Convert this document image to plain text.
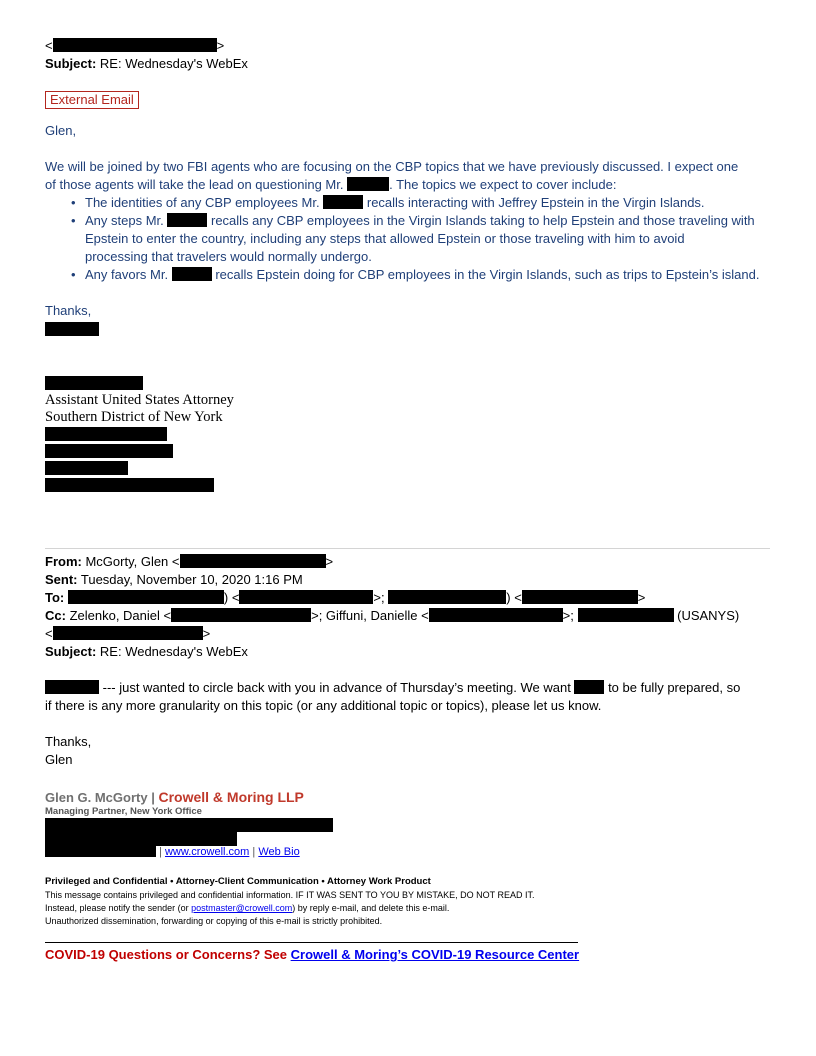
<	>
Subject: RE: Wednesday's WebEx
External Email
Glen,
We will be joined by two FBI agents who are focusing on the CBP topics that we have previously discussed. I expect one
of those agents will take the lead on questioning Mr.	. The topics we expect to cover include:
• The identities of any CBP employees Mr.	recalls interacting with Jeffrey Epstein in the Virgin Islands.
• Any steps Mr.	recalls any CBP employees in the Virgin Islands taking to help Epstein and those traveling with
Epstein to enter the country, including any steps that allowed Epstein or those traveling with him to avoid
processing that travelers would normally undergo.
• Any favors Mr.	recalls Epstein doing for CBP employees in the Virgin Islands, such as trips to Epstein’s island.
Thanks,
Assistant United States Attorney
Southern District of New York
From: McGorty, Glen <	>
Sent: Tuesday, November 10, 2020 1:16 PM
To:	) <	>;	) <	>
Cc: Zelenko, Daniel <	>; Giffuni, Danielle <	>;	(USANYS)
<	>
Subject: RE: Wednesday's WebEx
--- just wanted to circle back with you in advance of Thursday’s meeting. We want  to be fully prepared, so
if there is any more granularity on this topic (or any additional topic or topics), please let us know.
Thanks,
Glen
Glen G. McGorty | Crowell & Moring LLP
Managing Partner, New York Office
| www.crowell.com | Web Bio
Privileged and Confidential • Attorney-Client Communication • Attorney Work Product
This message contains privileged and confidential information. IF IT WAS SENT TO YOU BY MISTAKE, DO NOT READ IT.
Instead, please notify the sender (or postmaster@crowell.com) by reply e-mail, and delete this e-mail.
Unauthorized dissemination, forwarding or copying of this e-mail is strictly prohibited.
COVID-19 Questions or Concerns? See Crowell & Moring’s COVID-19 Resource Center
